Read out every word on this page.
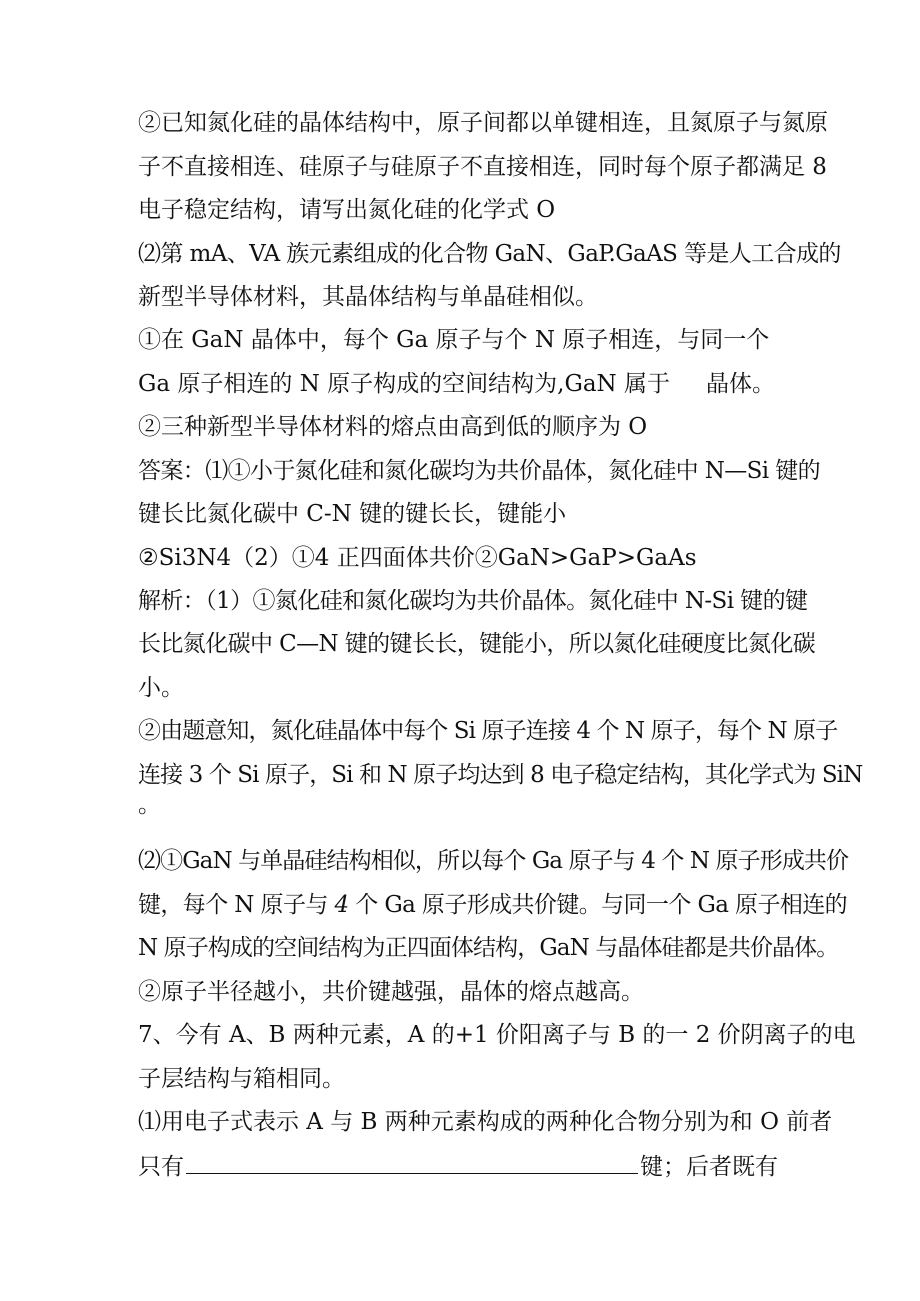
②已知氮化硅的晶体结构中，原子间都以单键相连，且氮原子与氮原
子不直接相连、硅原子与硅原子不直接相连，同时每个原子都满足 8
电子稳定结构，请写出氮化硅的化学式 O
⑵第 mA、VA 族元素组成的化合物 GaN、GaP.GaAS 等是人工合成的
新型半导体材料，其晶体结构与单晶硅相似。
①在 GaN 晶体中，每个 Ga 原子与个 N 原子相连，与同一个
Ga 原子相连的 N 原子构成的空间结构为,GaN 属于 晶体。
②三种新型半导体材料的熔点由高到低的顺序为 O
答案：⑴①小于氮化硅和氮化碳均为共价晶体，氮化硅中 N—Si 键的
键长比氮化碳中 C-N 键的键长长，键能小
②Si3N4（2）①4 正四面体共价②GaN>GaP>GaAs
解析：（1）①氮化硅和氮化碳均为共价晶体。氮化硅中 N-Si 键的键
长比氮化碳中 C—N 键的键长长，键能小，所以氮化硅硬度比氮化碳
小。
②由题意知，氮化硅晶体中每个 Si 原子连接 4 个 N 原子，每个 N 原子
连接 3 个 Si 原子，Si 和 N 原子均达到 8 电子稳定结构，其化学式为 SiN
。
⑵①GaN 与单晶硅结构相似，所以每个 Ga 原子与 4 个 N 原子形成共价
键，每个 N 原子与 4 个 Ga 原子形成共价键。与同一个 Ga 原子相连的
N 原子构成的空间结构为正四面体结构，GaN 与晶体硅都是共价晶体。
②原子半径越小，共价键越强，晶体的熔点越高。
7、今有 A、B 两种元素，A 的+1 价阳离子与 B 的一 2 价阴离子的电
子层结构与箱相同。
⑴用电子式表示 A 与 B 两种元素构成的两种化合物分别为和 O 前者
只有	键；后者既有
